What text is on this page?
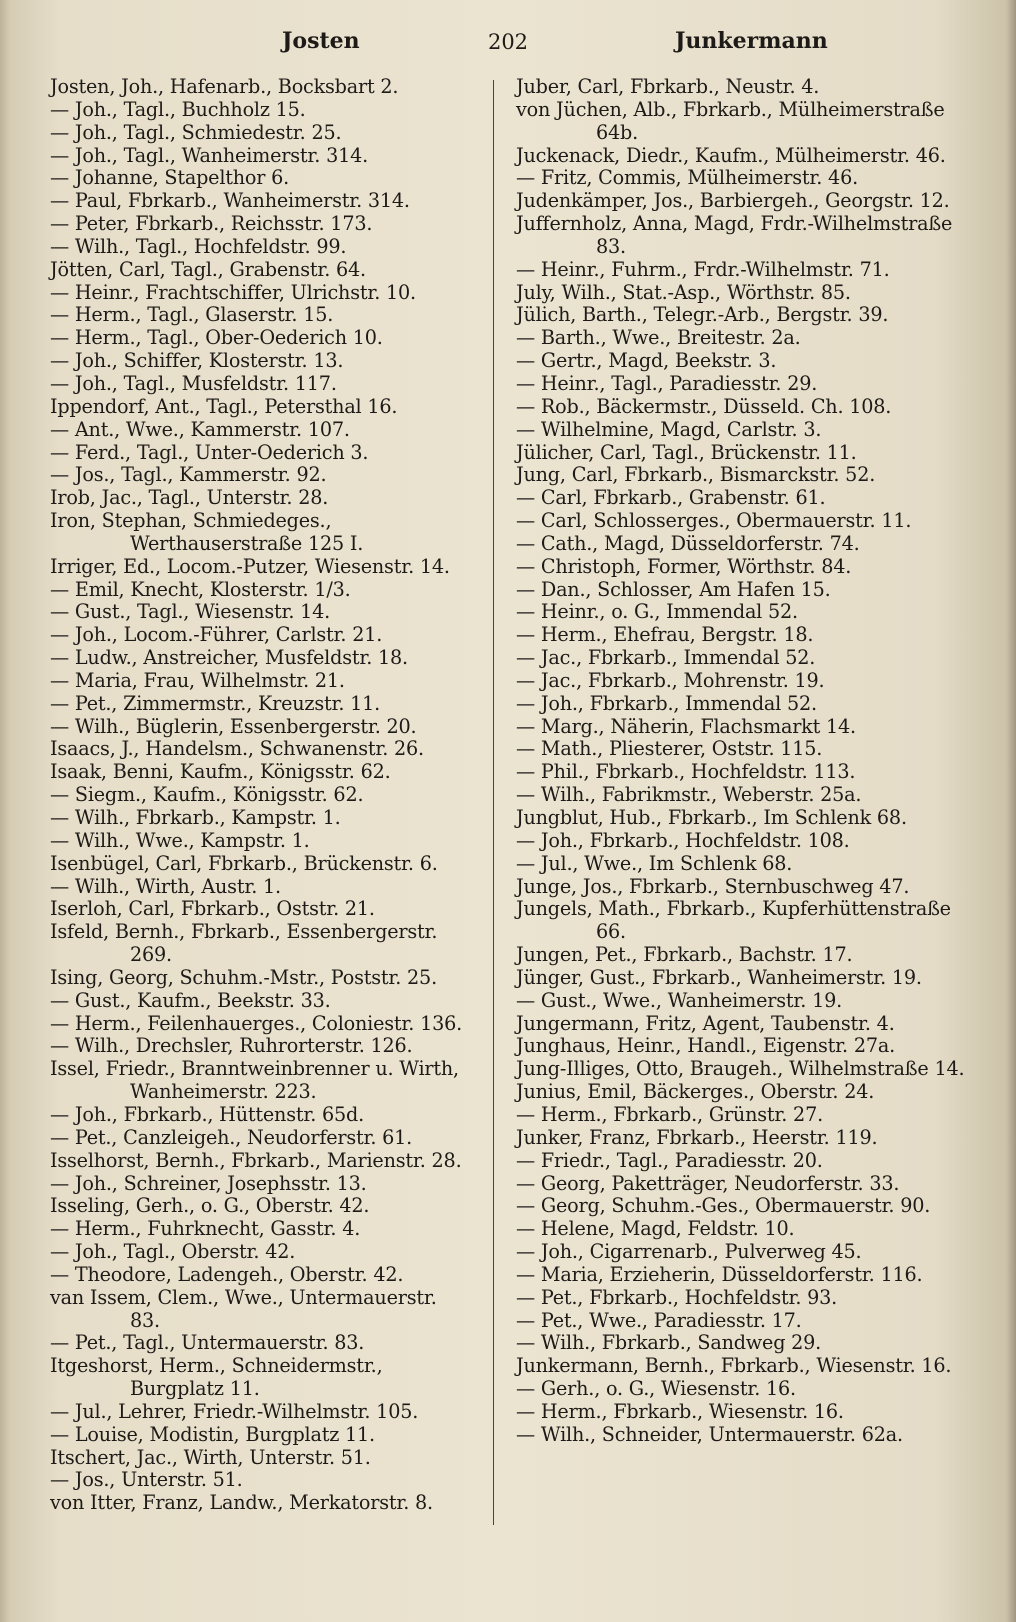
Josten	202	Junkermann
Josten, Joh., Hafenarb., Bocksbart 2.
— Joh., Tagl., Buchholz 15.
— Joh., Tagl., Schmiedestr. 25.
— Joh., Tagl., Wanheimerstr. 314.
— Johanne, Stapelthor 6.
— Paul, Fbrkarb., Wanheimerstr. 314.
— Peter, Fbrkarb., Reichsstr. 173.
— Wilh., Tagl., Hochfeldstr. 99.
Jötten, Carl, Tagl., Grabenstr. 64.
— Heinr., Frachtschiffer, Ulrichstr. 10.
— Herm., Tagl., Glaserstr. 15.
— Herm., Tagl., Ober-Oederich 10.
— Joh., Schiffer, Klosterstr. 13.
— Joh., Tagl., Musfeldstr. 117.
Ippendorf, Ant., Tagl., Petersthal 16.
— Ant., Wwe., Kammerstr. 107.
— Ferd., Tagl., Unter-Oederich 3.
— Jos., Tagl., Kammerstr. 92.
Irob, Jac., Tagl., Unterstr. 28.
Iron, Stephan, Schmiedeges., Werthauserstraße 125 I.
Irriger, Ed., Locom.-Putzer, Wiesenstr. 14.
— Emil, Knecht, Klosterstr. 1/3.
— Gust., Tagl., Wiesenstr. 14.
— Joh., Locom.-Führer, Carlstr. 21.
— Ludw., Anstreicher, Musfeldstr. 18.
— Maria, Frau, Wilhelmstr. 21.
— Pet., Zimmermstr., Kreuzstr. 11.
— Wilh., Büglerin, Essenbergerstr. 20.
Isaacs, J., Handelsm., Schwanenstr. 26.
Isaak, Benni, Kaufm., Königsstr. 62.
— Siegm., Kaufm., Königsstr. 62.
— Wilh., Fbrkarb., Kampstr. 1.
— Wilh., Wwe., Kampstr. 1.
Isenbügel, Carl, Fbrkarb., Brückenstr. 6.
— Wilh., Wirth, Austr. 1.
Iserloh, Carl, Fbrkarb., Oststr. 21.
Isfeld, Bernh., Fbrkarb., Essenbergerstr. 269.
Ising, Georg, Schuhm.-Mstr., Poststr. 25.
— Gust., Kaufm., Beekstr. 33.
— Herm., Feilenhauerges., Coloniestr. 136.
— Wilh., Drechsler, Ruhrorterstr. 126.
Issel, Friedr., Branntweinbrenner u. Wirth, Wanheimerstr. 223.
— Joh., Fbrkarb., Hüttenstr. 65d.
— Pet., Canzleigeh., Neudorferstr. 61.
Isselhorst, Bernh., Fbrkarb., Marienstr. 28.
— Joh., Schreiner, Josephsstr. 13.
Isseling, Gerh., o. G., Oberstr. 42.
— Herm., Fuhrknecht, Gasstr. 4.
— Joh., Tagl., Oberstr. 42.
— Theodore, Ladengeh., Oberstr. 42.
van Issem, Clem., Wwe., Untermauerstr. 83.
— Pet., Tagl., Untermauerstr. 83.
Itgeshorst, Herm., Schneidermstr., Burgplatz 11.
— Jul., Lehrer, Friedr.-Wilhelmstr. 105.
— Louise, Modistin, Burgplatz 11.
Itschert, Jac., Wirth, Unterstr. 51.
— Jos., Unterstr. 51.
von Itter, Franz, Landw., Merkatorstr. 8.
Juber, Carl, Fbrkarb., Neustr. 4.
von Jüchen, Alb., Fbrkarb., Mülheimerstraße 64b.
Juckenack, Diedr., Kaufm., Mülheimerstr. 46.
— Fritz, Commis, Mülheimerstr. 46.
Judenkämper, Jos., Barbiergeh., Georgstr. 12.
Juffernholz, Anna, Magd, Frdr.-Wilhelmstraße 83.
— Heinr., Fuhrm., Frdr.-Wilhelmstr. 71.
July, Wilh., Stat.-Asp., Wörthstr. 85.
Jülich, Barth., Telegr.-Arb., Bergstr. 39.
— Barth., Wwe., Breitestr. 2a.
— Gertr., Magd, Beekstr. 3.
— Heinr., Tagl., Paradiesstr. 29.
— Rob., Bäckermstr., Düsseld. Ch. 108.
— Wilhelmine, Magd, Carlstr. 3.
Jülicher, Carl, Tagl., Brückenstr. 11.
Jung, Carl, Fbrkarb., Bismarckstr. 52.
— Carl, Fbrkarb., Grabenstr. 61.
— Carl, Schlosserges., Obermauerstr. 11.
— Cath., Magd, Düsseldorferstr. 74.
— Christoph, Former, Wörthstr. 84.
— Dan., Schlosser, Am Hafen 15.
— Heinr., o. G., Immendal 52.
— Herm., Ehefrau, Bergstr. 18.
— Jac., Fbrkarb., Immendal 52.
— Jac., Fbrkarb., Mohrenstr. 19.
— Joh., Fbrkarb., Immendal 52.
— Marg., Näherin, Flachsmarkt 14.
— Math., Pliesterer, Oststr. 115.
— Phil., Fbrkarb., Hochfeldstr. 113.
— Wilh., Fabrikmstr., Weberstr. 25a.
Jungblut, Hub., Fbrkarb., Im Schlenk 68.
— Joh., Fbrkarb., Hochfeldstr. 108.
— Jul., Wwe., Im Schlenk 68.
Junge, Jos., Fbrkarb., Sternbuschweg 47.
Jungels, Math., Fbrkarb., Kupferhüttenstraße 66.
Jungen, Pet., Fbrkarb., Bachstr. 17.
Jünger, Gust., Fbrkarb., Wanheimerstr. 19.
— Gust., Wwe., Wanheimerstr. 19.
Jungermann, Fritz, Agent, Taubenstr. 4.
Junghaus, Heinr., Handl., Eigenstr. 27a.
Jung-Illiges, Otto, Braugeh., Wilhelmstraße 14.
Junius, Emil, Bäckerges., Oberstr. 24.
— Herm., Fbrkarb., Grünstr. 27.
Junker, Franz, Fbrkarb., Heerstr. 119.
— Friedr., Tagl., Paradiesstr. 20.
— Georg, Paketträger, Neudorferstr. 33.
— Georg, Schuhm.-Ges., Obermauerstr. 90.
— Helene, Magd, Feldstr. 10.
— Joh., Cigarrenarb., Pulverweg 45.
— Maria, Erzieherin, Düsseldorferstr. 116.
— Pet., Fbrkarb., Hochfeldstr. 93.
— Pet., Wwe., Paradiesstr. 17.
— Wilh., Fbrkarb., Sandweg 29.
Junkermann, Bernh., Fbrkarb., Wiesenstr. 16.
— Gerh., o. G., Wiesenstr. 16.
— Herm., Fbrkarb., Wiesenstr. 16.
— Wilh., Schneider, Untermauerstr. 62a.
